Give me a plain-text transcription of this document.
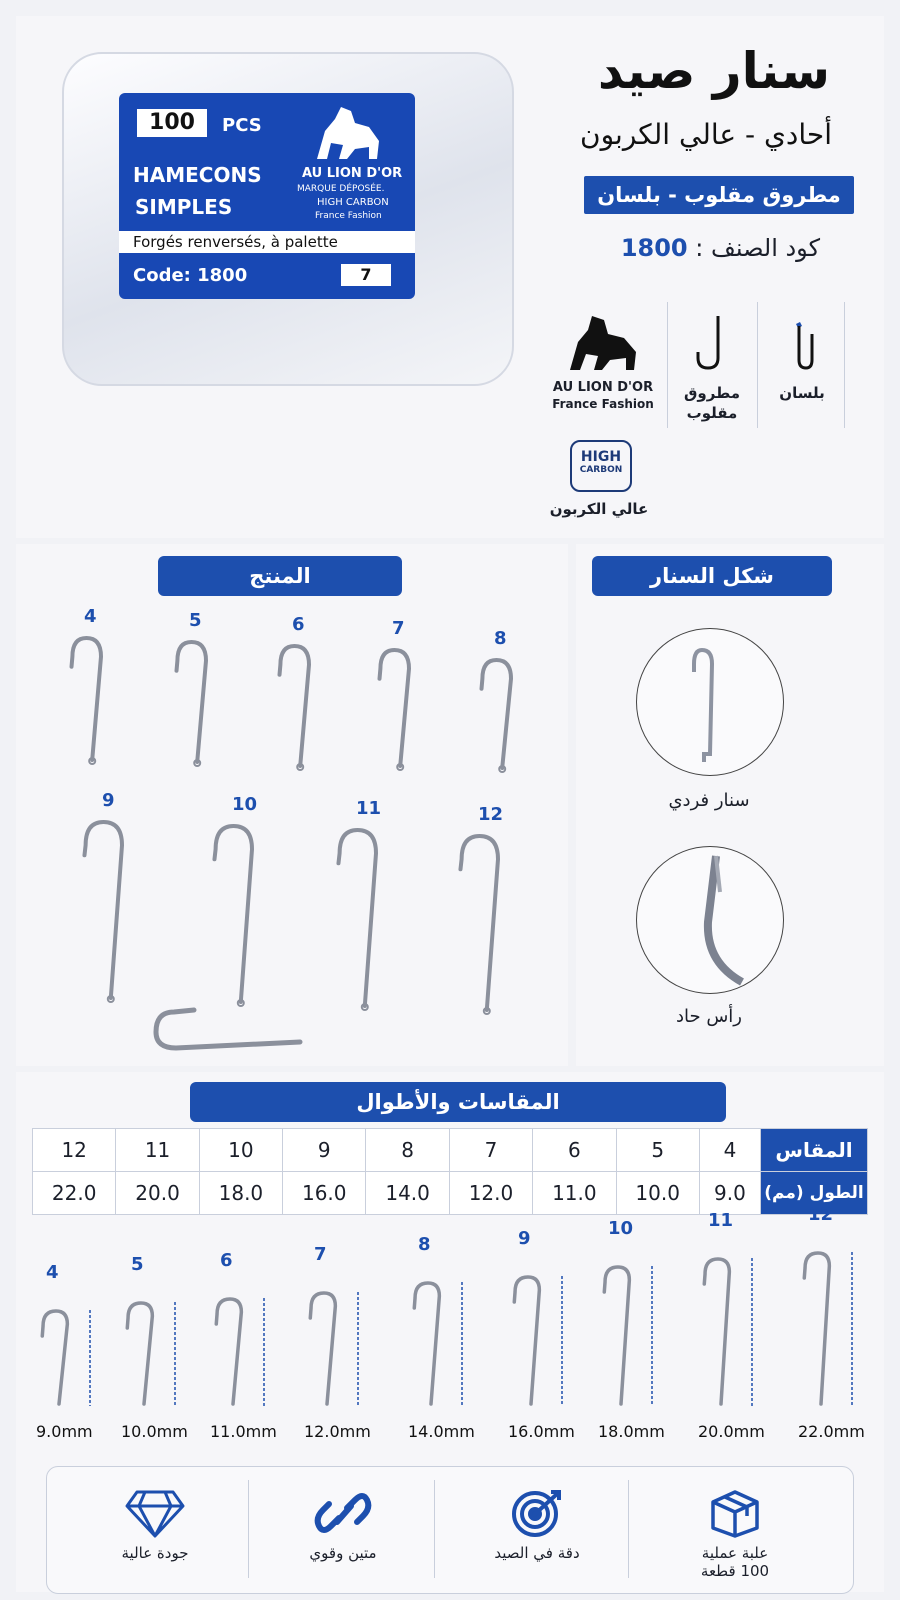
100	PCS
HAMECONS
SIMPLES
AU LION D'OR
MARQUE DÉPOSÉE.
HIGH CARBON
France Fashion
Forgés renversés, à palette
Code: 1800	7
سنار صيد
أحادي - عالي الكربون
مطروق مقلوب - بلسان
كود الصنف : 1800
AU LION D'OR
France Fashion
مطروق
مقلوب
بلسان
HIGH
CARBON
عالي الكربون
المنتج	شكل السنار
4	5	6	7	8
9	10	11	12
سنار فردي
رأس حاد
المقاسات والأطوال
12	11	10	9	8	7	6	5	4	المقاس
22.0	20.0	18.0	16.0	14.0	12.0	11.0	10.0	9.0	الطول (مم)
4
9.0mm
5
10.0mm
6
11.0mm
7
12.0mm
8
14.0mm
9
16.0mm
10
18.0mm
11
20.0mm
12
22.0mm
جودة عالية	متين وقوي	دقة في الصيد	علبة عملية
100 قطعة
